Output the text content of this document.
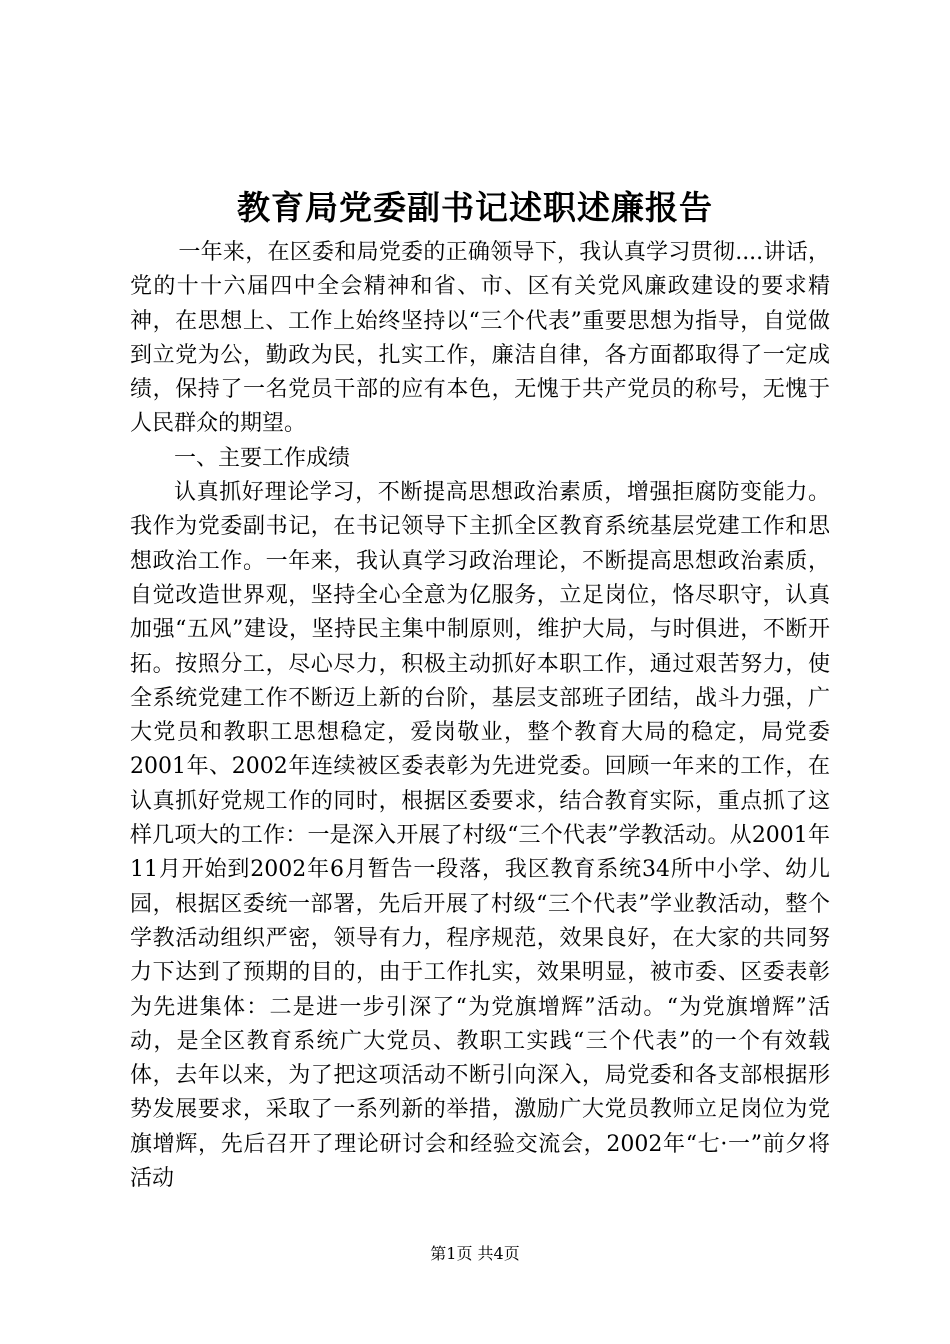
教育局党委副书记述职述廉报告

一年来，在区委和局党委的正确领导下，我认真学习贯彻....讲话，党的十十六届四中全会精神和省、市、区有关党风廉政建设的要求精神，在思想上、工作上始终坚持以“三个代表”重要思想为指导，自觉做到立党为公，勤政为民，扎实工作，廉洁自律，各方面都取得了一定成绩，保持了一名党员干部的应有本色，无愧于共产党员的称号，无愧于人民群众的期望。

一、主要工作成绩

认真抓好理论学习，不断提高思想政治素质，增强拒腐防变能力。我作为党委副书记，在书记领导下主抓全区教育系统基层党建工作和思想政治工作。一年来，我认真学习政治理论，不断提高思想政治素质，自觉改造世界观，坚持全心全意为亿服务，立足岗位，恪尽职守，认真加强“五风”建设，坚持民主集中制原则，维护大局，与时俱进，不断开拓。按照分工，尽心尽力，积极主动抓好本职工作，通过艰苦努力，使全系统党建工作不断迈上新的台阶，基层支部班子团结，战斗力强，广大党员和教职工思想稳定，爱岗敬业，整个教育大局的稳定，局党委2001年、2002年连续被区委表彰为先进党委。回顾一年来的工作，在认真抓好党规工作的同时，根据区委要求，结合教育实际，重点抓了这样几项大的工作：一是深入开展了村级“三个代表”学教活动。从2001年11月开始到2002年6月暂告一段落，我区教育系统34所中小学、幼儿园，根据区委统一部署，先后开展了村级“三个代表”学业教活动，整个学教活动组织严密，领导有力，程序规范，效果良好，在大家的共同努力下达到了预期的目的，由于工作扎实，效果明显，被市委、区委表彰为先进集体：二是进一步引深了“为党旗增辉”活动。“为党旗增辉”活动，是全区教育系统广大党员、教职工实践“三个代表”的一个有效载体，去年以来，为了把这项活动不断引向深入，局党委和各支部根据形势发展要求，采取了一系列新的举措，激励广大党员教师立足岗位为党旗增辉，先后召开了理论研讨会和经验交流会，2002年“七·一”前夕将活动

第1页 共4页
